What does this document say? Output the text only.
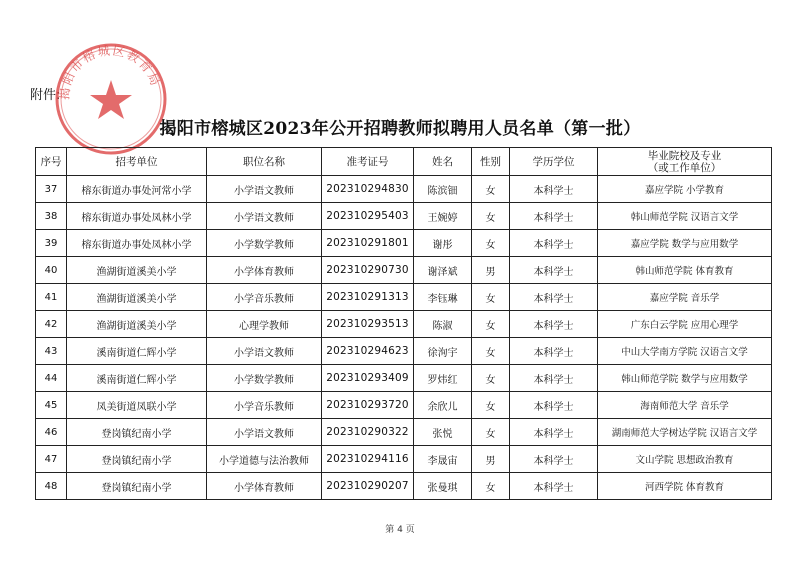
附件:
揭阳市榕城区教育局
揭阳市榕城区2023年公开招聘教师拟聘用人员名单（第一批）
序号	招考单位	职位名称	准考证号	姓名	性别	学历学位	毕业院校及专业
（或工作单位）

37	榕东街道办事处河常小学	小学语文教师	202310294830	陈滨钿	女	本科学士	嘉应学院 小学教育
38	榕东街道办事处凤林小学	小学语文教师	202310295403	王婉婷	女	本科学士	韩山师范学院 汉语言文学
39	榕东街道办事处凤林小学	小学数学教师	202310291801	谢彤	女	本科学士	嘉应学院 数学与应用数学
40	渔湖街道溪美小学	小学体育教师	202310290730	谢泽斌	男	本科学士	韩山师范学院 体育教育
41	渔湖街道溪美小学	小学音乐教师	202310291313	李钰琳	女	本科学士	嘉应学院 音乐学
42	渔湖街道溪美小学	心理学教师	202310293513	陈淑	女	本科学士	广东白云学院 应用心理学
43	溪南街道仁辉小学	小学语文教师	202310294623	徐洵宇	女	本科学士	中山大学南方学院 汉语言文学
44	溪南街道仁辉小学	小学数学教师	202310293409	罗炜红	女	本科学士	韩山师范学院 数学与应用数学
45	凤美街道凤联小学	小学音乐教师	202310293720	余欣儿	女	本科学士	海南师范大学 音乐学
46	登岗镇纪南小学	小学语文教师	202310290322	张悦	女	本科学士	湖南师范大学树达学院 汉语言文学
47	登岗镇纪南小学	小学道德与法治教师	202310294116	李晟宙	男	本科学士	文山学院 思想政治教育
48	登岗镇纪南小学	小学体育教师	202310290207	张曼琪	女	本科学士	河西学院 体育教育
第 4 页
